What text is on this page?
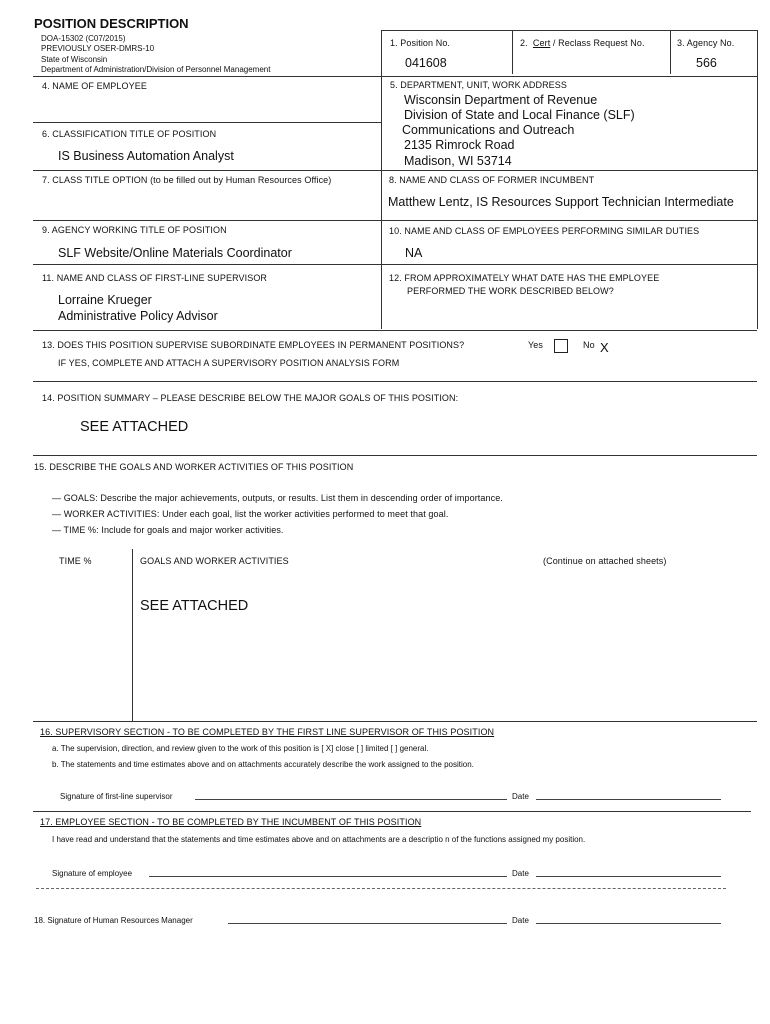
POSITION DESCRIPTION
DOA-15302 (C07/2015)
PREVIOUSLY OSER-DMRS-10
State of Wisconsin
Department of Administration/Division of Personnel Management
1. Position No.
041608
2. Cert / Reclass Request No.	3. Agency No.
566
4. NAME OF EMPLOYEE	5. DEPARTMENT, UNIT, WORK ADDRESS
Wisconsin Department of Revenue
Division of State and Local Finance (SLF)
Communications and Outreach
2135 Rimrock Road
Madison, WI 53714
6. CLASSIFICATION TITLE OF POSITION
IS Business Automation Analyst
7. CLASS TITLE OPTION (to be filled out by Human Resources Office)	8. NAME AND CLASS OF FORMER INCUMBENT
Matthew Lentz, IS Resources Support Technician Intermediate
9. AGENCY WORKING TITLE OF POSITION
SLF Website/Online Materials Coordinator
10. NAME AND CLASS OF EMPLOYEES PERFORMING SIMILAR DUTIES
NA
11. NAME AND CLASS OF FIRST-LINE SUPERVISOR
Lorraine Krueger
Administrative Policy Advisor
12. FROM APPROXIMATELY WHAT DATE HAS THE EMPLOYEE
PERFORMED THE WORK DESCRIBED BELOW?
13. DOES THIS POSITION SUPERVISE SUBORDINATE EMPLOYEES IN PERMANENT POSITIONS?	Yes	No X
IF YES, COMPLETE AND ATTACH A SUPERVISORY POSITION ANALYSIS FORM
14. POSITION SUMMARY – PLEASE DESCRIBE BELOW THE MAJOR GOALS OF THIS POSITION:
SEE ATTACHED
15. DESCRIBE THE GOALS AND WORKER ACTIVITIES OF THIS POSITION
— GOALS: Describe the major achievements, outputs, or results. List them in descending order of importance.
— WORKER ACTIVITIES: Under each goal, list the worker activities performed to meet that goal.
— TIME %: Include for goals and major worker activities.
TIME %	GOALS AND WORKER ACTIVITIES	(Continue on attached sheets)
SEE ATTACHED
16. SUPERVISORY SECTION - TO BE COMPLETED BY THE FIRST LINE SUPERVISOR OF THIS POSITION
a. The supervision, direction, and review given to the work of this position is [ X] close [ ] limited [ ] general.
b. The statements and time estimates above and on attachments accurately describe the work assigned to the position.
Signature of first-line supervisor	Date
17. EMPLOYEE SECTION - TO BE COMPLETED BY THE INCUMBENT OF THIS POSITION
I have read and understand that the statements and time estimates above and on attachments are a descriptio n of the functions assigned my position.
Signature of employee	Date
18. Signature of Human Resources Manager	Date
